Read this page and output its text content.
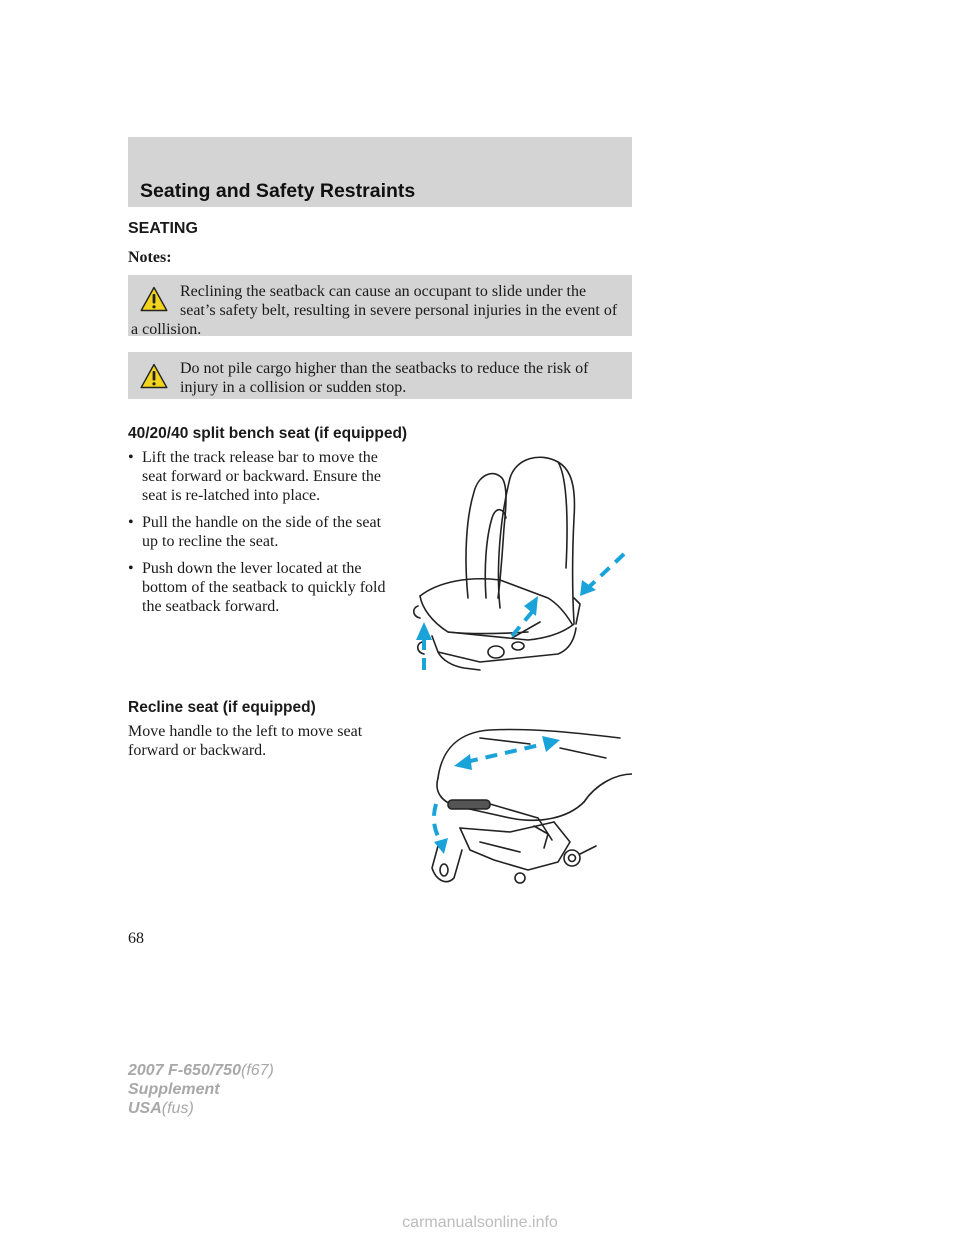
Seating and Safety Restraints
SEATING

Notes:

Reclining the seatback can cause an occupant to slide under the seat’s safety belt, resulting in severe personal injuries in the event of a collision.

Do not pile cargo higher than the seatbacks to reduce the risk of injury in a collision or sudden stop.

40/20/40 split bench seat (if equipped)
• Lift the track release bar to move the seat forward or backward. Ensure the seat is re-latched into place.
• Pull the handle on the side of the seat up to recline the seat.
• Push down the lever located at the bottom of the seatback to quickly fold the seatback forward.
Recline seat (if equipped)

Move handle to the left to move seat forward or backward.

68

2007 F-650/750(f67)
Supplement
USA(fus)

carmanualsonline.info
